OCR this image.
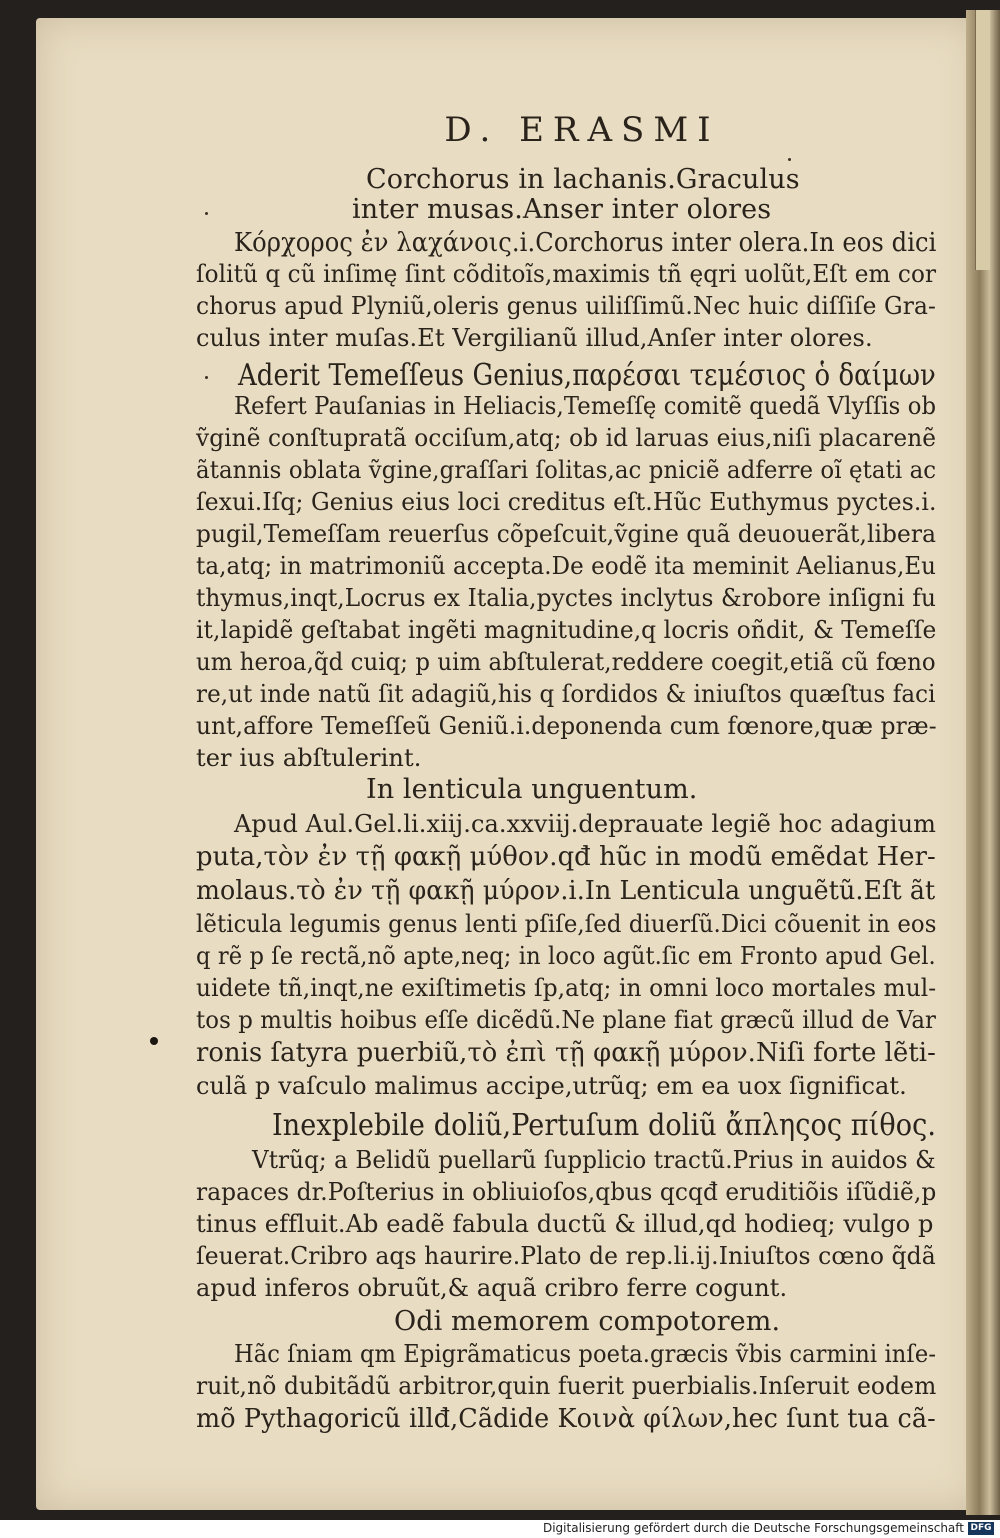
D. ERASMI
Corchorus in lachanis.Graculus
inter musas.Anser inter olores
Κόρχορος ἐν λαχάνοις.i.Corchorus inter olera.In eos dici
ſolitũ q cũ inſimę ſint cõditoĩs,maximis tñ ęqri uolũt,Eſt em cor
chorus apud Plyniũ,oleris genus uiliſſimũ.Nec huic diſſiſe Gra-
culus inter muſas.Et Vergilianũ illud,Anſer inter olores.
Aderit Temeſſeus Genius,παρέσαι τεμέσιος ὁ δαίμων
Refert Pauſanias in Heliacis,Temeſſę comitẽ quedã Vlyſſis ob
ṽginẽ conſtupratã occiſum,atq; ob id laruas eius,niſi placarenẽ
ãtannis oblata ṽgine,graſſari ſolitas,ac pniciẽ adferre oĩ ętati ac
ſexui.Iſq; Genius eius loci creditus eſt.Hũc Euthymus pyctes.i.
pugil,Temeſſam reuerſus cõpeſcuit,ṽgine quã deuouerãt,libera
ta,atq; in matrimoniũ accepta.De eodẽ ita meminit Aelianus,Eu
thymus,inqt,Locrus ex Italia,pyctes inclytus &robore inſigni fu
it,lapidẽ geſtabat ingẽti magnitudine,q locris oñdit, & Temeſſe
um heroa,q̃d cuiq; p uim abſtulerat,reddere coegit,etiã cũ fœno
re,ut inde natũ ſit adagiũ,his q ſordidos & iniuſtos quæſtus faci
unt,affore Temeſſeũ Geniũ.i.deponenda cum fœnore,quæ præ-
ter ius abſtulerint.
In lenticula unguentum.
Apud Aul.Gel.li.xiij.ca.xxviij.deprauate legiẽ hoc adagium
puta,τὸν ἐν τῇ φακῇ μύθον.qđ hũc in modũ emẽdat Her-
molaus.τὸ ἐν τῇ φακῇ μύρον.i.In Lenticula unguẽtũ.Eſt ãt
lẽticula legumis genus lenti pſiſe,ſed diuerſũ.Dici cõuenit in eos
q rẽ p ſe rectã,nõ apte,neq; in loco agũt.ſic em Fronto apud Gel.
uidete tñ,inqt,ne exiſtimetis ſp,atq; in omni loco mortales mul-
tos p multis hoibus eſſe dicẽdũ.Ne plane fiat græcũ illud de Var
ronis ſatyra puerbiũ,τὸ ἐπὶ τῇ φακῇ μύρον.Niſi forte lẽti-
culã p vaſculo malimus accipe,utrũq; em ea uox ſignificat.
Inexplebile doliũ,Pertuſum doliũ ἄπληςος πίθος.
Vtrũq; a Belidũ puellarũ ſupplicio tractũ.Prius in auidos &
rapaces dr.Poſterius in obliuioſos,qbus qcqđ eruditiõis iſũdiẽ,p
tinus effluit.Ab eadẽ fabula ductũ & illud,qd hodieq; vulgo p
ſeuerat.Cribro aqs haurire.Plato de rep.li.ij.Iniuſtos cœno q̃dã
apud inferos obruũt,& aquã cribro ferre cogunt.
Odi memorem compotorem.
Hãc ſniam qm Epigrãmaticus poeta.græcis ṽbis carmini inſe-
ruit,nõ dubitãdũ arbitror,quin fuerit puerbialis.Inſeruit eodem
mõ Pythagoricũ illđ,Cãdide Κοινὰ φίλων,hec ſunt tua cã-
Digitalisierung gefördert durch die Deutsche Forschungsgemeinschaft DFG
